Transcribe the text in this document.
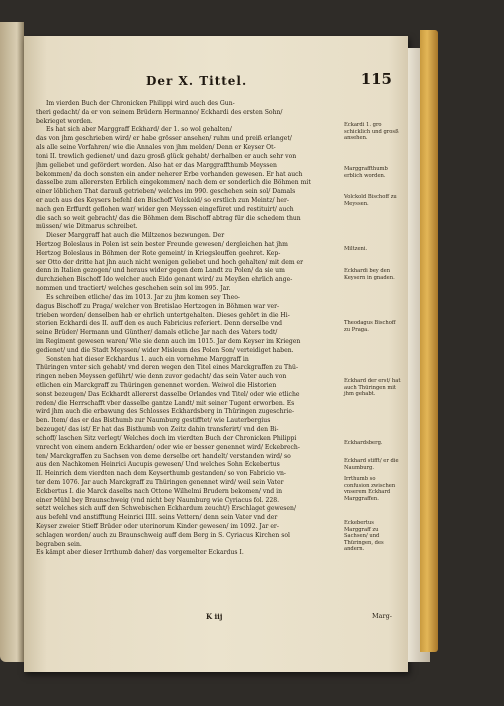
Der X. Tittel.	115
Im vierden Buch der Chronicken Philippi wird auch des Gun-
theri gedacht/ da er von seinem Brüdern Hermanno/ Eckhardi des ersten Sohn/
bekrieget worden.
Es hat sich aber Marggraff Eckhard/ der 1. so wol gehalten/
das von jhm geschrieben wird/ er habe grösser ansehen/ ruhm und preiß erlanget/
als alle seine Vorfahren/ wie die Annales von jhm melden/ Denn er Keyser Ot-
toni II. trewlich gedienet/ und dazu grosß glück gehabt/ derhalben er auch sehr von
jhm geliebet und gefördert worden. Also hat er das Marggraffthumb Meyssen
bekommen/ da doch sonsten ein ander neherer Erbe vorhanden gewesen. Er hat auch
dasselbe zum allerersten Erblich eingekommen/ nach dem er sonderlich die Böhmen mit
einer löblichen That darauß getrieben/ welches im 990. geschehen sein sol/ Damals
er auch aus des Keysers befehl den Bischoff Volckold/ so erstlich zun Meintz/ her-
nach gen Erffurdt geflohen war/ wider gen Meyssen eingefüret und restituirt/ auch
die sach so weit gebracht/ das die Böhmen dem Bischoff abtrag für die schedem thun
müssen/ wie Ditmarus schreibet.
Dieser Marggraff hat auch die Miltzenos bezwungen. Der
Hertzog Boleslaus in Polen ist sein bester Freunde gewesen/ dergleichen hat jhm
Hertzog Boleslaus in Böhmen der Rote gemeint/ in Kriegsleuffen geehret. Kep-
ser Otto der dritte hat jhn auch nicht wenigen geliebet und hoch gehalten/ mit dem er
denn in Italien gezogen/ und heraus wider gegen dem Landt zu Polen/ da sie um
durchziehen Bischoff Ido welcher auch Eido genant wird/ zu Meyßen ehrlich ange-
nommen und tractiert/ welches geschehen sein sol im 995. Jar.
Es schreiben etliche/ das im 1013. Jar zu jhm komen sey Theo-
dagus Bischoff zu Praga/ welcher von Bretislao Hertzogen in Böhmen war ver-
trieben worden/ denselben hab er ehrlich untertgehalten. Dieses gehört in die Hi-
storien Eckhardi des II. auff den es auch Fabricius referiert. Denn derselbe vnd
seine Brüder/ Hermann und Günther/ damals etliche Jar nach des Vaters todt/
im Regiment gewesen waren/ Wie sie denn auch im 1015. Jar dem Keyser im Kriegen
gedienet/ und die Stadt Meyssen/ wider Misleum des Polen Son/ verteidiget haben.
Sonsten hat dieser Eckhardus 1. auch ein vornehme Marggraff in
Thüringen vnter sich gehabt/ vnd deren wegen den Titel eines Marckgraffen zu Thü-
ringen neben Meyssen geführt/ wie denn zuvor gedacht/ das sein Vater auch von
etlichen ein Marckgraff zu Thüringen genennet worden. Weiwol die Historien
sonst bezeugen/ Das Eckhardt allererst dasselbe Orlandes vnd Titel/ oder wie etliche
reden/ die Herrschafft vber dasselbe gantze Landt/ mit seiner Tugent erworben. Es
wird jhm auch die erbawung des Schlosses Eckhardsberg in Thüringen zugeschrie-
ben. Item/ das er das Bisthumb zur Naumburg gestifftet/ wie Lauterbergius
bezeuget/ das ist/ Er hat das Bisthumb von Zeitz dahin transferirt/ vnd den Bi-
schoff/ laschen Sitz verlegt/ Welches doch im vierdten Buch der Chronicken Philippi
vnrecht von einem andern Eckharden/ oder wie er besser genennet wird/ Eckebrech-
ten/ Marckgraffen zu Sachsen von deme derselbe ort handelt/ verstanden wird/ so
aus den Nachkomen Heinrici Aucupis gewesen/ Und welches Sohn Eckebertus
II. Heinrich dem vierdten nach dem Keyserthumb gestanden/ so von Fabricio vn-
ter dem 1076. Jar auch Marckgraff zu Thüringen genennet wird/ weil sein Vater
Eckbertus I. die Marck daselbs nach Ottone Wilhelmi Brudern bekomen/ vnd in
einer Mühl bey Braunschweig (vnd nicht bey Naumburg wie Cyriacus fol. 228.
setzt welches sich auff den Schwebischen Eckhardum zeucht/) Erschlaget gewesen/
aus befehl vnd anstifftung Heinrici IIII. seins Vettern/ denn sein Vater vnd der
Keyser zweier Stieff Brüder oder uterinorum Kinder gewesen/ im 1092. Jar er-
schlagen worden/ auch zu Braunschweig auff dem Berg in S. Cyriacus Kirchen sol
begraben sein.
Es kämpt aber dieser Irrthumb daher/ das vorgemelter Eckardus I.
Eckardi 1. gro schicklich und grosß ansehen.
Marggraffthumb erblich worden.
Volckold Bischoff zu Meyssen.
Miltzeni.
Eckhardi bey den Keysern in gnaden.
Theodagus Bischoff zu Praga.
Eckhard der erst/ hat auch Thüringen mit jhm gehabt.
Eckhardsberg.
Eckhard stifft/ er die Naumburg.
Irrthumb so confusion zwischen vnserem Eckhard Marggraffen.
Eckebertus Marggraff zu Sachsen/ und Thüringen, des andern.
K iij	Marg-
